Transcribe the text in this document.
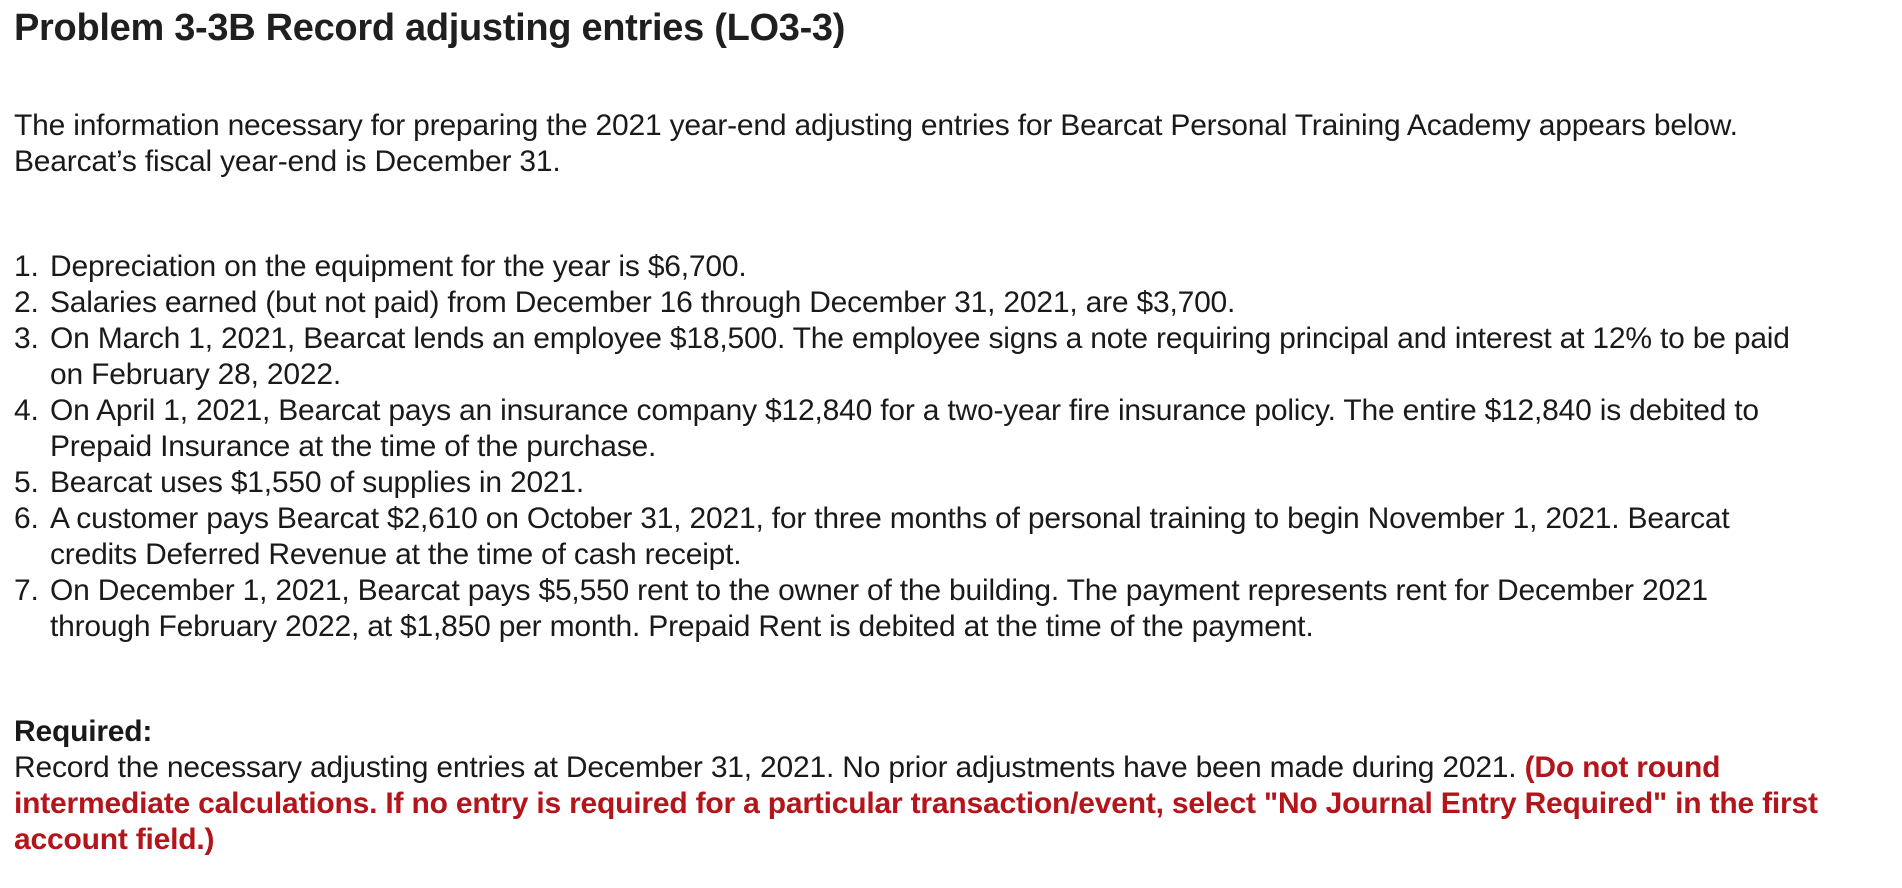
Problem 3-3B Record adjusting entries (LO3-3)

The information necessary for preparing the 2021 year-end adjusting entries for Bearcat Personal Training Academy appears below.
Bearcat’s fiscal year-end is December 31.

1. Depreciation on the equipment for the year is $6,700.
2. Salaries earned (but not paid) from December 16 through December 31, 2021, are $3,700.
3. On March 1, 2021, Bearcat lends an employee $18,500. The employee signs a note requiring principal and interest at 12% to be paid
on February 28, 2022.
4. On April 1, 2021, Bearcat pays an insurance company $12,840 for a two-year fire insurance policy. The entire $12,840 is debited to
Prepaid Insurance at the time of the purchase.
5. Bearcat uses $1,550 of supplies in 2021.
6. A customer pays Bearcat $2,610 on October 31, 2021, for three months of personal training to begin November 1, 2021. Bearcat
credits Deferred Revenue at the time of cash receipt.
7. On December 1, 2021, Bearcat pays $5,550 rent to the owner of the building. The payment represents rent for December 2021
through February 2022, at $1,850 per month. Prepaid Rent is debited at the time of the payment.
Required:
Record the necessary adjusting entries at December 31, 2021. No prior adjustments have been made during 2021. (Do not round
intermediate calculations. If no entry is required for a particular transaction/event, select "No Journal Entry Required" in the first
account field.)
